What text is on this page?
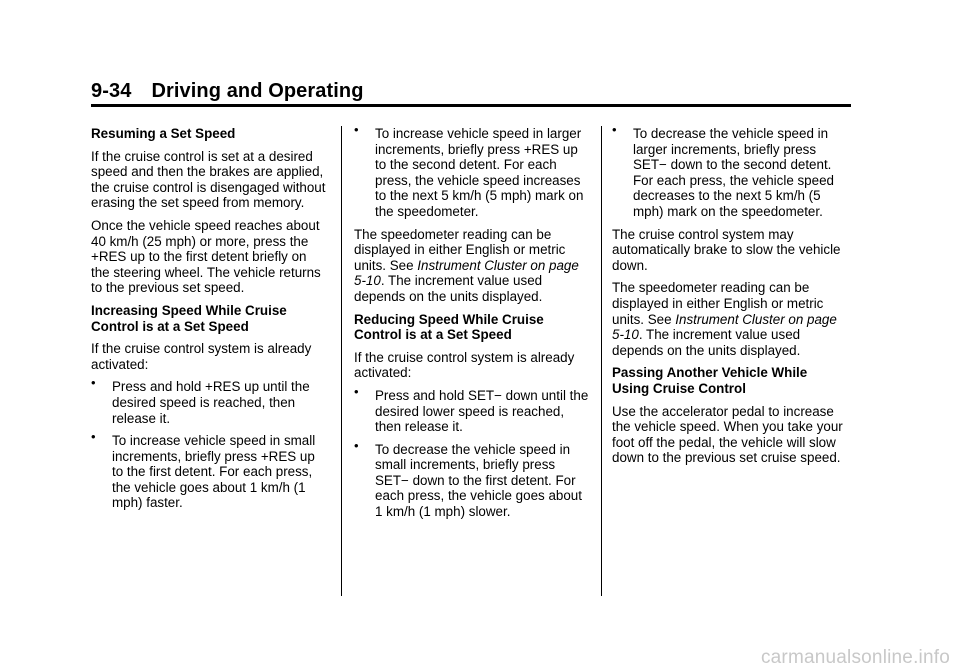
9-34 Driving and Operating

Resuming a Set Speed

If the cruise control is set at a desired speed and then the brakes are applied, the cruise control is disengaged without erasing the set speed from memory.

Once the vehicle speed reaches about 40 km/h (25 mph) or more, press the +RES up to the first detent briefly on the steering wheel. The vehicle returns to the previous set speed.

Increasing Speed While Cruise Control is at a Set Speed

If the cruise control system is already activated:

• Press and hold +RES up until the desired speed is reached, then release it.
• To increase vehicle speed in small increments, briefly press +RES up to the first detent. For each press, the vehicle goes about 1 km/h (1 mph) faster.
• To increase vehicle speed in larger increments, briefly press +RES up to the second detent. For each press, the vehicle speed increases to the next 5 km/h (5 mph) mark on the speedometer.

The speedometer reading can be displayed in either English or metric units. See Instrument Cluster on page 5-10. The increment value used depends on the units displayed.

Reducing Speed While Cruise Control is at a Set Speed

If the cruise control system is already activated:

• Press and hold SET− down until the desired lower speed is reached, then release it.
• To decrease the vehicle speed in small increments, briefly press SET− down to the first detent. For each press, the vehicle goes about 1 km/h (1 mph) slower.
• To decrease the vehicle speed in larger increments, briefly press SET− down to the second detent. For each press, the vehicle speed decreases to the next 5 km/h (5 mph) mark on the speedometer.

The cruise control system may automatically brake to slow the vehicle down.

The speedometer reading can be displayed in either English or metric units. See Instrument Cluster on page 5-10. The increment value used depends on the units displayed.

Passing Another Vehicle While Using Cruise Control

Use the accelerator pedal to increase the vehicle speed. When you take your foot off the pedal, the vehicle will slow down to the previous set cruise speed.

carmanualsonline.info
